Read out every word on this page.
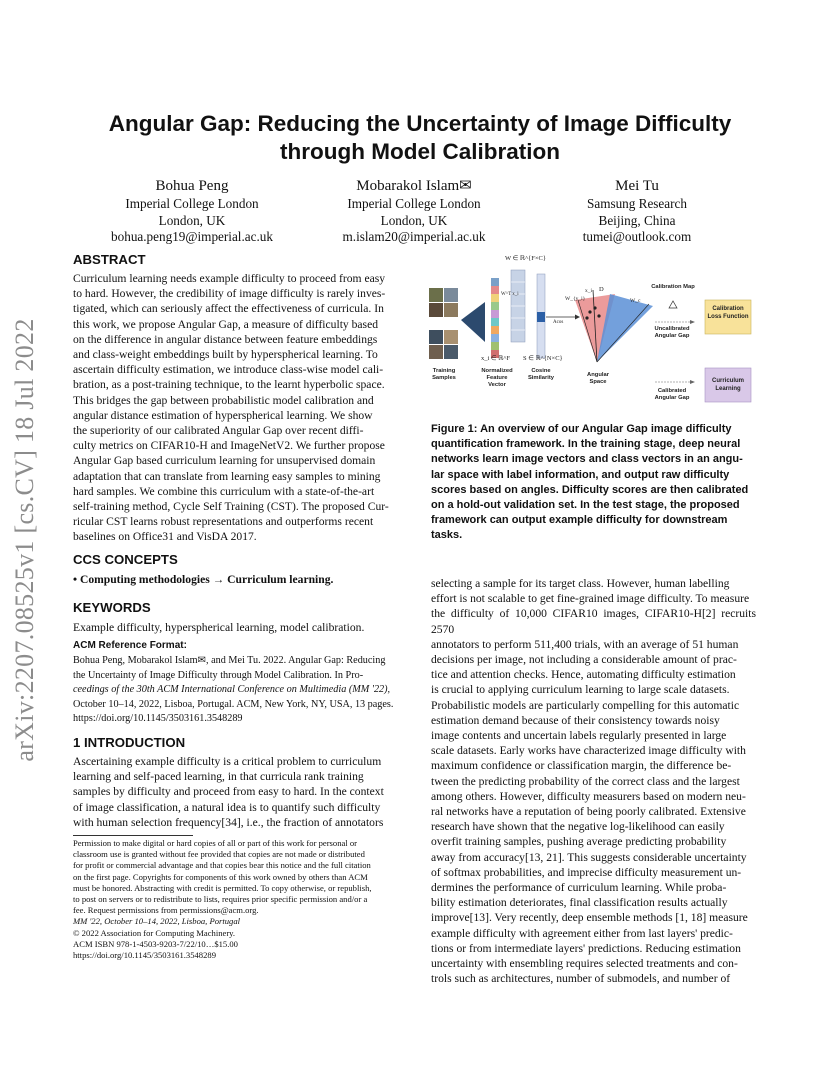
arXiv:2207.08525v1 [cs.CV] 18 Jul 2022
Angular Gap: Reducing the Uncertainty of Image Difficulty
through Model Calibration
Bohua Peng
Imperial College London
London, UK
bohua.peng19@imperial.ac.uk
Mobarakol Islam✉
Imperial College London
London, UK
m.islam20@imperial.ac.uk
Mei Tu
Samsung Research
Beijing, China
tumei@outlook.com
ABSTRACT
Curriculum learning needs example difficulty to proceed from easy
to hard. However, the credibility of image difficulty is rarely inves-
tigated, which can seriously affect the effectiveness of curricula. In
this work, we propose Angular Gap, a measure of difficulty based
on the difference in angular distance between feature embeddings
and class-weight embeddings built by hyperspherical learning. To
ascertain difficulty estimation, we introduce class-wise model cali-
bration, as a post-training technique, to the learnt hyperbolic space.
This bridges the gap between probabilistic model calibration and
angular distance estimation of hyperspherical learning. We show
the superiority of our calibrated Angular Gap over recent diffi-
culty metrics on CIFAR10-H and ImageNetV2. We further propose
Angular Gap based curriculum learning for unsupervised domain
adaptation that can translate from learning easy samples to mining
hard samples. We combine this curriculum with a state-of-the-art
self-training method, Cycle Self Training (CST). The proposed Cur-
ricular CST learns robust representations and outperforms recent
baselines on Office31 and VisDA 2017.
CCS CONCEPTS
• Computing methodologies → Curriculum learning.
KEYWORDS
Example difficulty, hyperspherical learning, model calibration.
ACM Reference Format:
Bohua Peng, Mobarakol Islam✉, and Mei Tu. 2022. Angular Gap: Reducing
the Uncertainty of Image Difficulty through Model Calibration. In Pro-
ceedings of the 30th ACM International Conference on Multimedia (MM '22),
October 10–14, 2022, Lisboa, Portugal. ACM, New York, NY, USA, 13 pages.
https://doi.org/10.1145/3503161.3548289
1 INTRODUCTION
Ascertaining example difficulty is a critical problem to curriculum
learning and self-paced learning, in that curricula rank training
samples by difficulty and proceed from easy to hard. In the context
of image classification, a natural idea is to quantify such difficulty
with human selection frequency[34], i.e., the fraction of annotators
Permission to make digital or hard copies of all or part of this work for personal or
classroom use is granted without fee provided that copies are not made or distributed
for profit or commercial advantage and that copies bear this notice and the full citation
on the first page. Copyrights for components of this work owned by others than ACM
must be honored. Abstracting with credit is permitted. To copy otherwise, or republish,
to post on servers or to redistribute to lists, requires prior specific permission and/or a
fee. Request permissions from permissions@acm.org.
MM '22, October 10–14, 2022, Lisboa, Portugal
© 2022 Association for Computing Machinery.
ACM ISBN 978-1-4503-9203-7/22/10…$15.00
https://doi.org/10.1145/3503161.3548289
W ∈ ℝ^{F×C}
W^T x_i
x_i ∈ ℝ^F S ∈ ℝ^{N×C}
Acos
D
x_i
W_{y_i}	W_c
Training Samples
Normalized Feature Vector
Cosine Similarity	Angular Space
Calibration Map
Uncalibrated Angular Gap
Calibrated Angular Gap
Calibration Loss Function
Curriculum Learning
Figure 1: An overview of our Angular Gap image difficulty
quantification framework. In the training stage, deep neural
networks learn image vectors and class vectors in an angu-
lar space with label information, and output raw difficulty
scores based on angles. Difficulty scores are then calibrated
on a hold-out validation set. In the test stage, the proposed
framework can output example difficulty for downstream
tasks.
selecting a sample for its target class. However, human labelling
effort is not scalable to get fine-grained image difficulty. To measure
the difficulty of 10,000 CIFAR10 images, CIFAR10-H[2] recruits 2570
annotators to perform 511,400 trials, with an average of 51 human
decisions per image, not including a considerable amount of prac-
tice and attention checks. Hence, automating difficulty estimation
is crucial to applying curriculum learning to large scale datasets.
Probabilistic models are particularly compelling for this automatic
estimation demand because of their consistency towards noisy
image contents and uncertain labels regularly presented in large
scale datasets. Early works have characterized image difficulty with
maximum confidence or classification margin, the difference be-
tween the predicting probability of the correct class and the largest
among others. However, difficulty measurers based on modern neu-
ral networks have a reputation of being poorly calibrated. Extensive
research have shown that the negative log-likelihood can easily
overfit training samples, pushing average predicting probability
away from accuracy[13, 21]. This suggests considerable uncertainty
of softmax probabilities, and imprecise difficulty measurement un-
dermines the performance of curriculum learning. While proba-
bility estimation deteriorates, final classification results actually
improve[13]. Very recently, deep ensemble methods [1, 18] measure
example difficulty with agreement either from last layers' predic-
tions or from intermediate layers' predictions. Reducing estimation
uncertainty with ensembling requires selected treatments and con-
trols such as architectures, number of submodels, and number of
